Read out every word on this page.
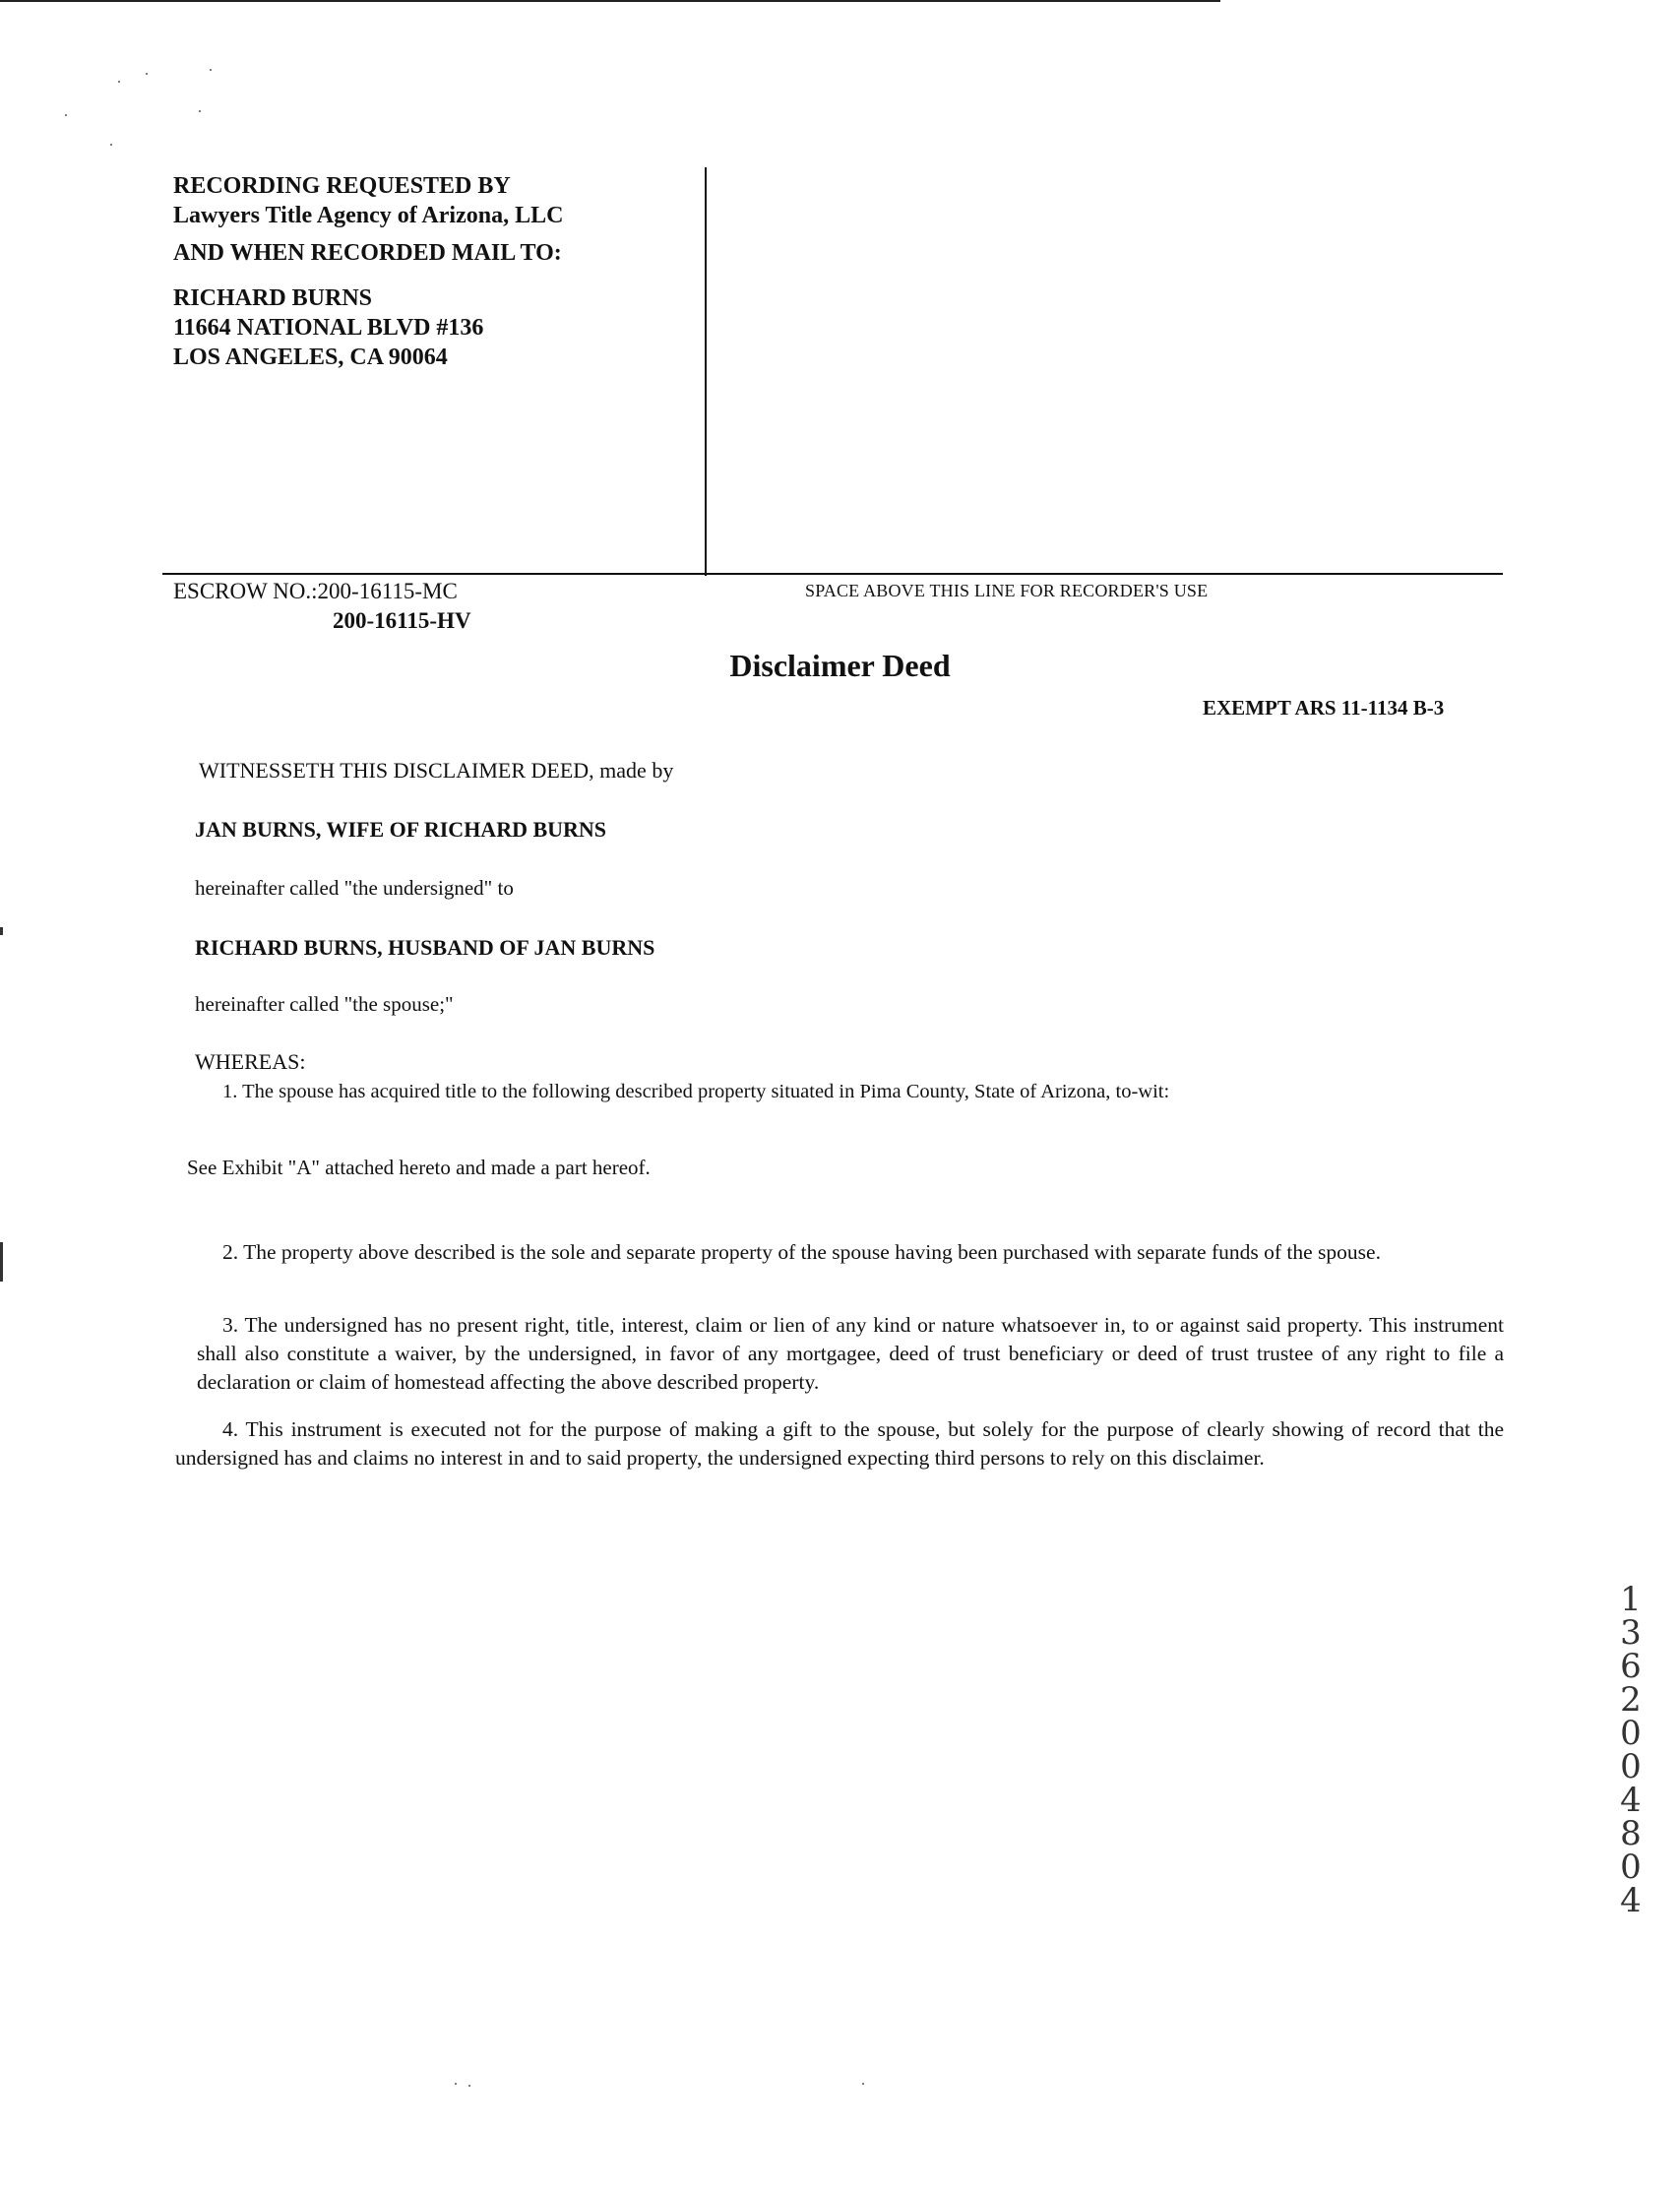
RECORDING REQUESTED BY
Lawyers Title Agency of Arizona, LLC
AND WHEN RECORDED MAIL TO:
RICHARD BURNS
11664 NATIONAL BLVD #136
LOS ANGELES, CA 90064
ESCROW NO.:200-16115-MC
200-16115-HV
SPACE ABOVE THIS LINE FOR RECORDER'S USE
Disclaimer Deed
EXEMPT ARS 11-1134 B-3
WITNESSETH THIS DISCLAIMER DEED, made by
JAN BURNS, WIFE OF RICHARD BURNS
hereinafter called "the undersigned" to
RICHARD BURNS, HUSBAND OF JAN BURNS
hereinafter called "the spouse;"
WHEREAS:
1. The spouse has acquired title to the following described property situated in Pima County, State of Arizona, to-wit:
See Exhibit "A" attached hereto and made a part hereof.
2. The property above described is the sole and separate property of the spouse having been purchased with separate funds of the spouse.
3. The undersigned has no present right, title, interest, claim or lien of any kind or nature whatsoever in, to or against said property. This instrument shall also constitute a waiver, by the undersigned, in favor of any mortgagee, deed of trust beneficiary or deed of trust trustee of any right to file a declaration or claim of homestead affecting the above described property.
4. This instrument is executed not for the purpose of making a gift to the spouse, but solely for the purpose of clearly showing of record that the undersigned has and claims no interest in and to said property, the undersigned expecting third persons to rely on this disclaimer.
13620 04804
